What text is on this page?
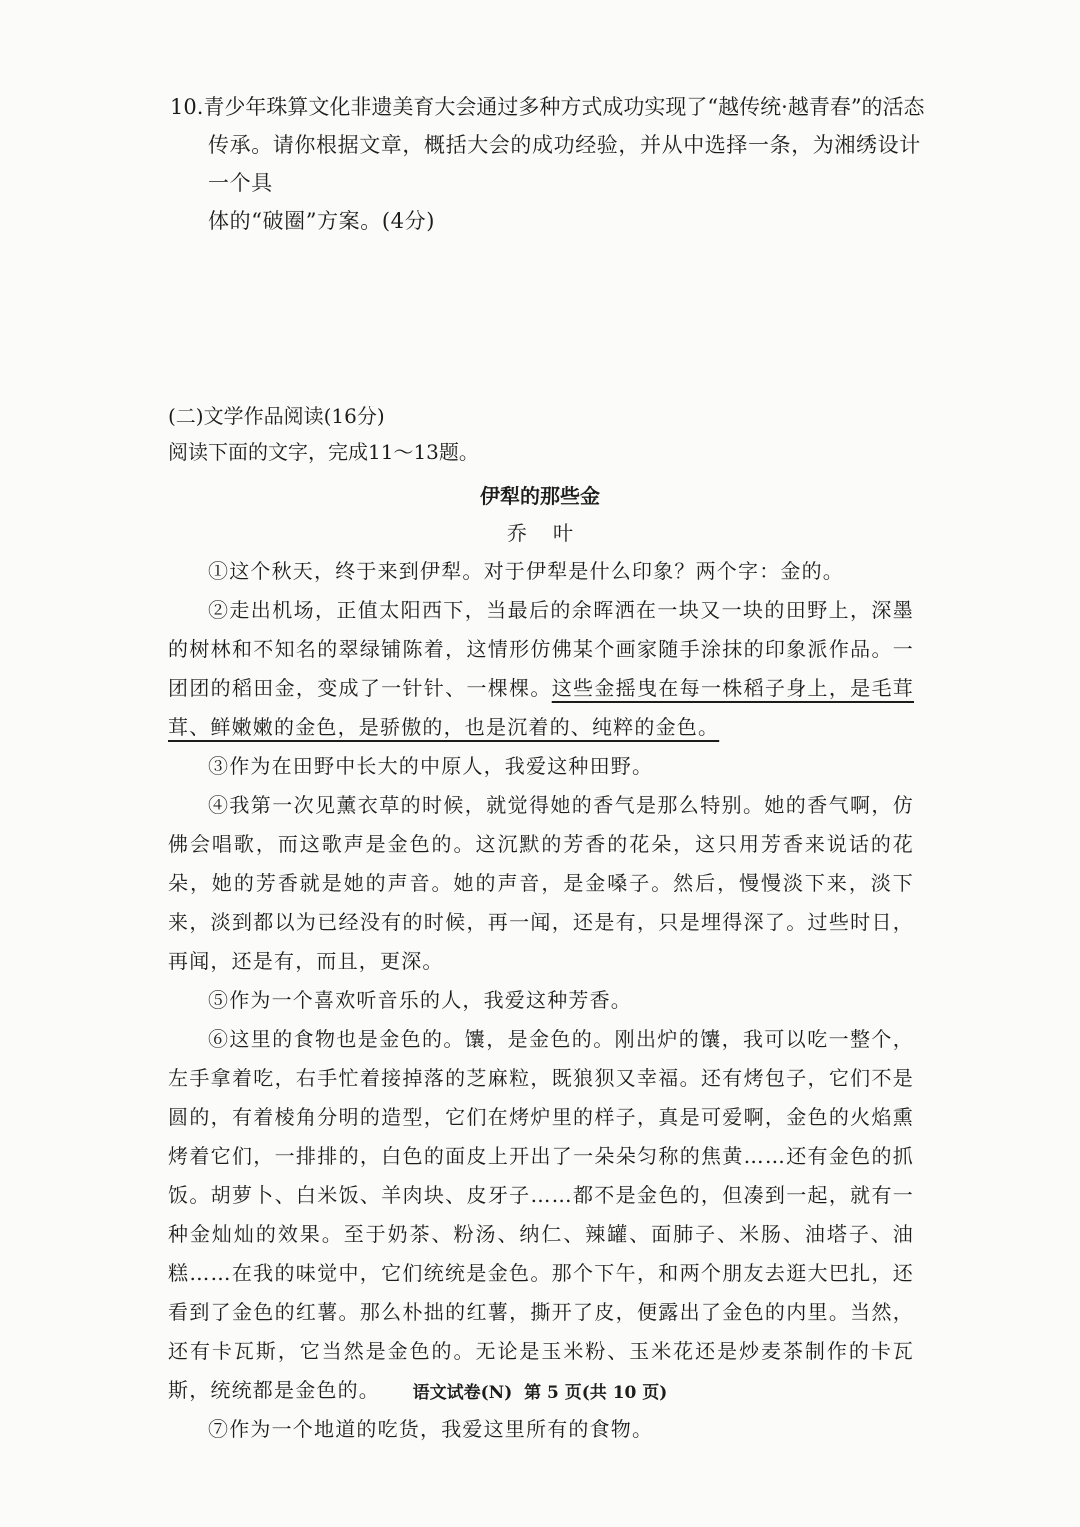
10.青少年珠算文化非遗美育大会通过多种方式成功实现了“越传统·越青春”的活态
传承。请你根据文章，概括大会的成功经验，并从中选择一条，为湘绣设计一个具
体的“破圈”方案。(4分)
(二)文学作品阅读(16分)
阅读下面的文字，完成11～13题。
伊犁的那些金
乔叶

①这个秋天，终于来到伊犁。对于伊犁是什么印象？两个字：金的。

②走出机场，正值太阳西下，当最后的余晖洒在一块又一块的田野上，深墨的树林和不知名的翠绿铺陈着，这情形仿佛某个画家随手涂抹的印象派作品。一团团的稻田金，变成了一针针、一棵棵。这些金摇曳在每一株稻子身上，是毛茸茸、鲜嫩嫩的金色，是骄傲的，也是沉着的、纯粹的金色。

③作为在田野中长大的中原人，我爱这种田野。

④我第一次见薰衣草的时候，就觉得她的香气是那么特别。她的香气啊，仿佛会唱歌，而这歌声是金色的。这沉默的芳香的花朵，这只用芳香来说话的花朵，她的芳香就是她的声音。她的声音，是金嗓子。然后，慢慢淡下来，淡下来，淡到都以为已经没有的时候，再一闻，还是有，只是埋得深了。过些时日，再闻，还是有，而且，更深。

⑤作为一个喜欢听音乐的人，我爱这种芳香。

⑥这里的食物也是金色的。馕，是金色的。刚出炉的馕，我可以吃一整个，左手拿着吃，右手忙着接掉落的芝麻粒，既狼狈又幸福。还有烤包子，它们不是圆的，有着棱角分明的造型，它们在烤炉里的样子，真是可爱啊，金色的火焰熏烤着它们，一排排的，白色的面皮上开出了一朵朵匀称的焦黄……还有金色的抓饭。胡萝卜、白米饭、羊肉块、皮牙子……都不是金色的，但凑到一起，就有一种金灿灿的效果。至于奶茶、粉汤、纳仁、辣罐、面肺子、米肠、油塔子、油糕……在我的味觉中，它们统统是金色。那个下午，和两个朋友去逛大巴扎，还看到了金色的红薯。那么朴拙的红薯，撕开了皮，便露出了金色的内里。当然，还有卡瓦斯，它当然是金色的。无论是玉米粉、玉米花还是炒麦茶制作的卡瓦斯，统统都是金色的。

⑦作为一个地道的吃货，我爱这里所有的食物。

语文试卷(N)  第 5 页(共 10 页)
